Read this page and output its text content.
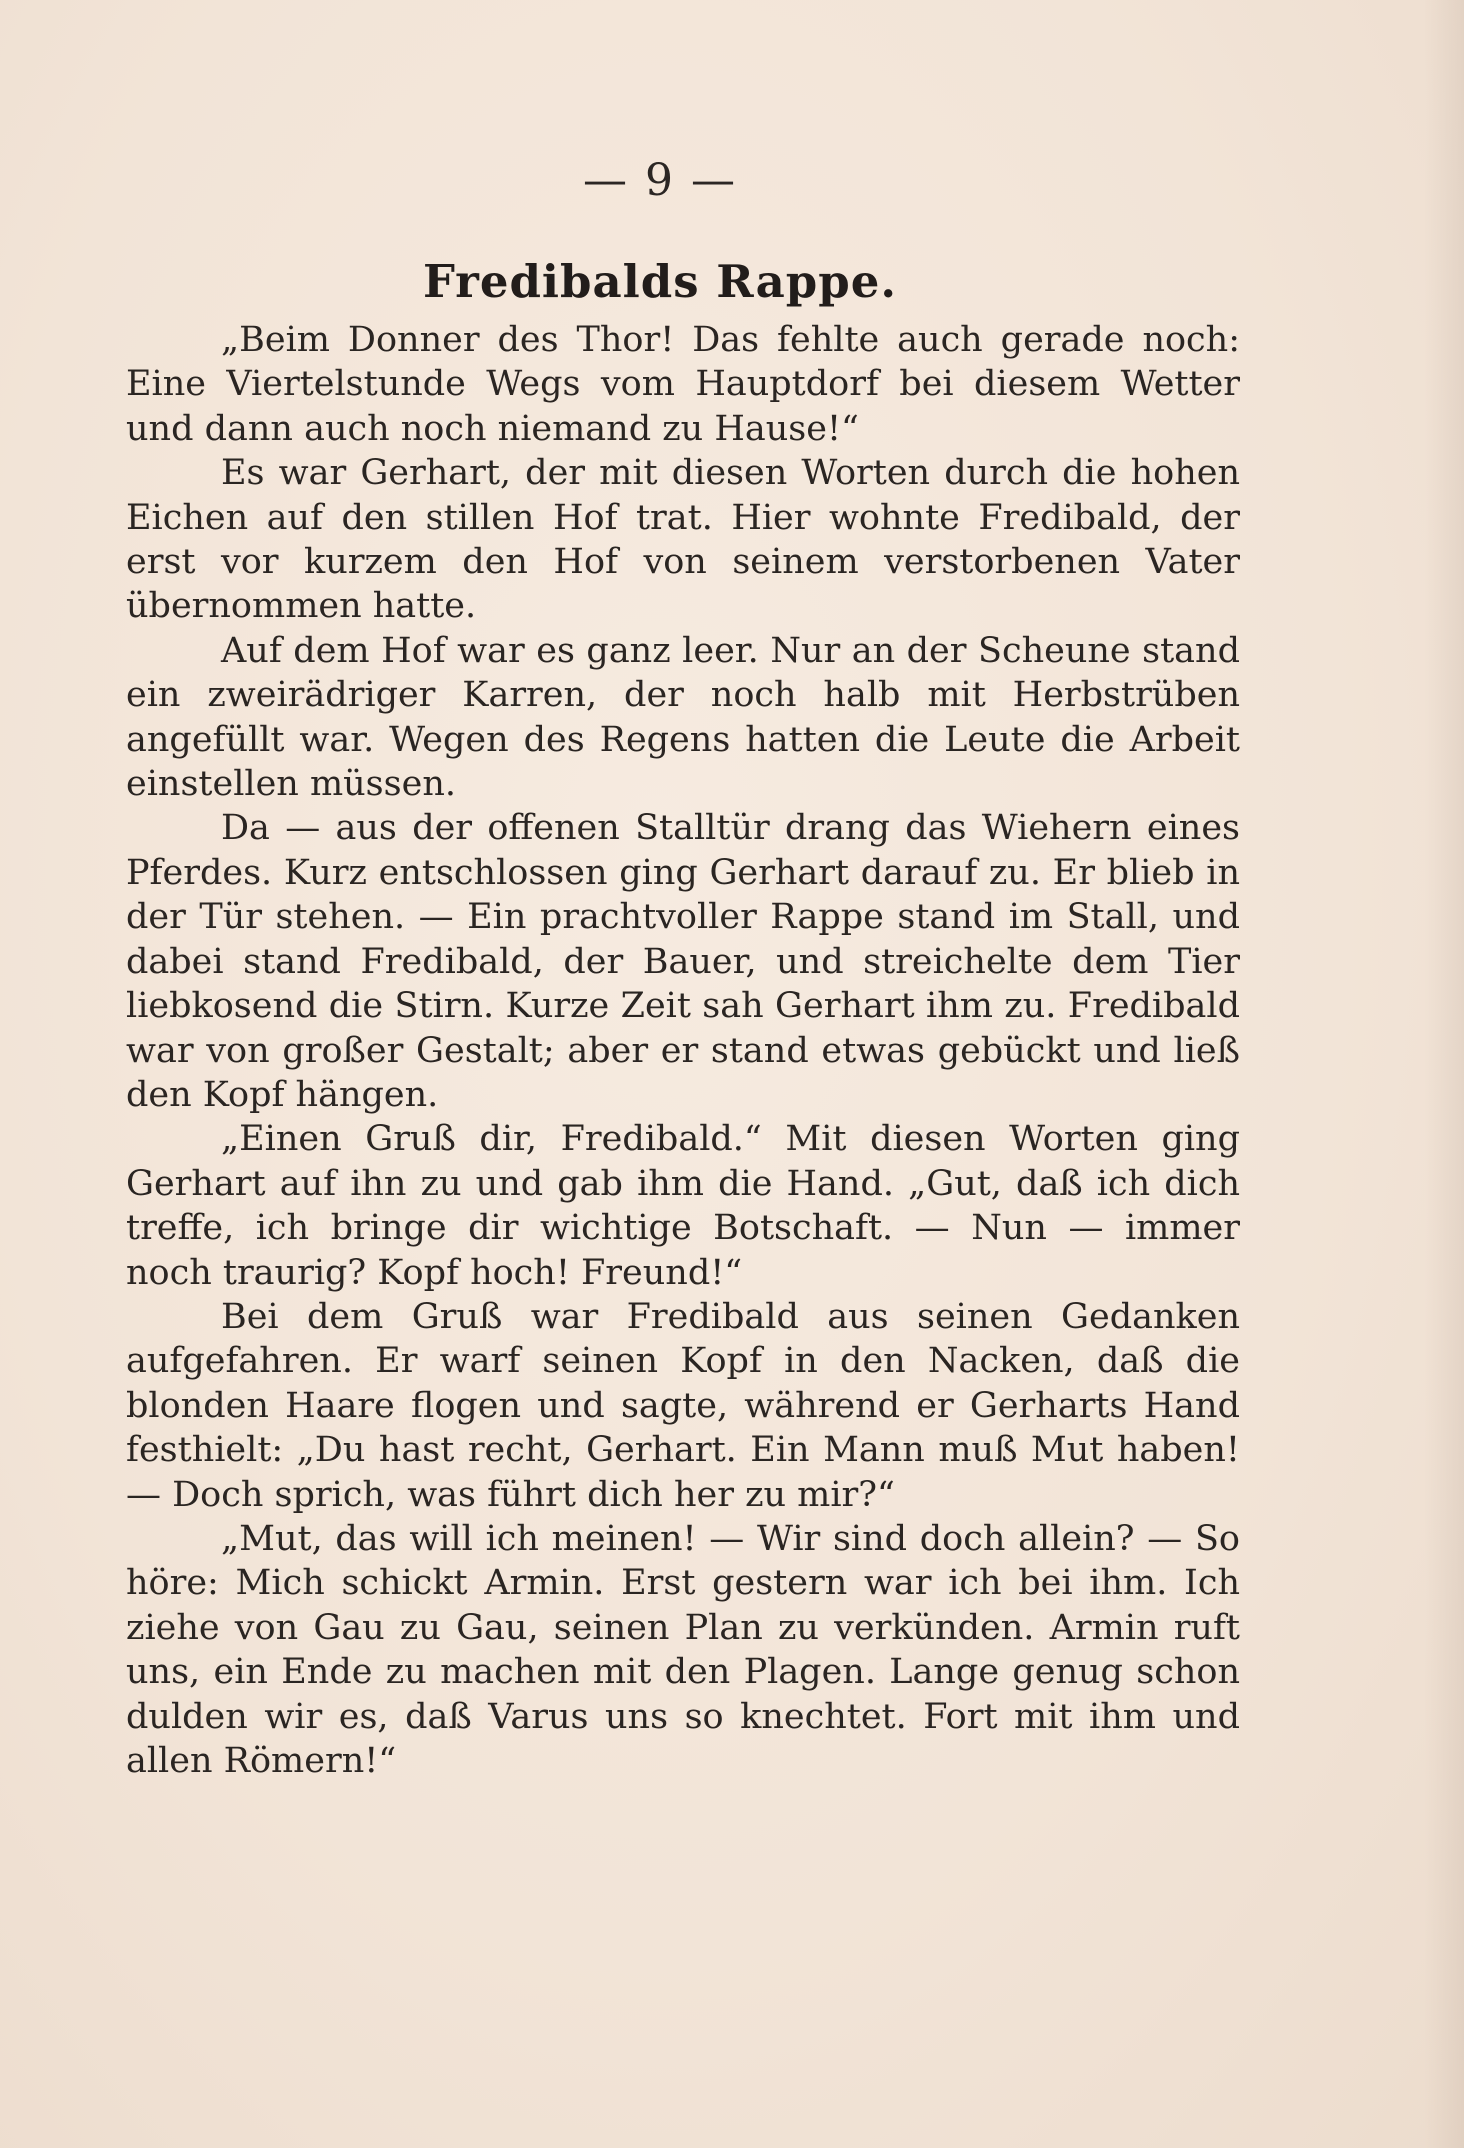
— 9 —
Fredibalds Rappe.

„Beim Donner des Thor! Das fehlte auch gerade noch: Eine Viertelstunde Wegs vom Hauptdorf bei diesem Wetter und dann auch noch niemand zu Hause!“

Es war Gerhart, der mit diesen Worten durch die hohen Eichen auf den stillen Hof trat. Hier wohnte Fredibald, der erst vor kurzem den Hof von seinem verstorbenen Vater übernommen hatte.

Auf dem Hof war es ganz leer. Nur an der Scheune stand ein zweirädriger Karren, der noch halb mit Herbstrüben angefüllt war. Wegen des Regens hatten die Leute die Arbeit einstellen müssen.

Da — aus der offenen Stalltür drang das Wiehern eines Pferdes. Kurz entschlossen ging Gerhart darauf zu. Er blieb in der Tür stehen. — Ein prachtvoller Rappe stand im Stall, und dabei stand Fredibald, der Bauer, und streichelte dem Tier liebkosend die Stirn. Kurze Zeit sah Gerhart ihm zu. Fredibald war von großer Gestalt; aber er stand etwas gebückt und ließ den Kopf hängen.

„Einen Gruß dir, Fredibald.“ Mit diesen Worten ging Gerhart auf ihn zu und gab ihm die Hand. „Gut, daß ich dich treffe, ich bringe dir wichtige Botschaft. — Nun — immer noch traurig? Kopf hoch! Freund!“

Bei dem Gruß war Fredibald aus seinen Gedanken aufgefahren. Er warf seinen Kopf in den Nacken, daß die blonden Haare flogen und sagte, während er Gerharts Hand festhielt: „Du hast recht, Gerhart. Ein Mann muß Mut haben! — Doch sprich, was führt dich her zu mir?“

„Mut, das will ich meinen! — Wir sind doch allein? — So höre: Mich schickt Armin. Erst gestern war ich bei ihm. Ich ziehe von Gau zu Gau, seinen Plan zu verkünden. Armin ruft uns, ein Ende zu machen mit den Plagen. Lange genug schon dulden wir es, daß Varus uns so knechtet. Fort mit ihm und allen Römern!“
